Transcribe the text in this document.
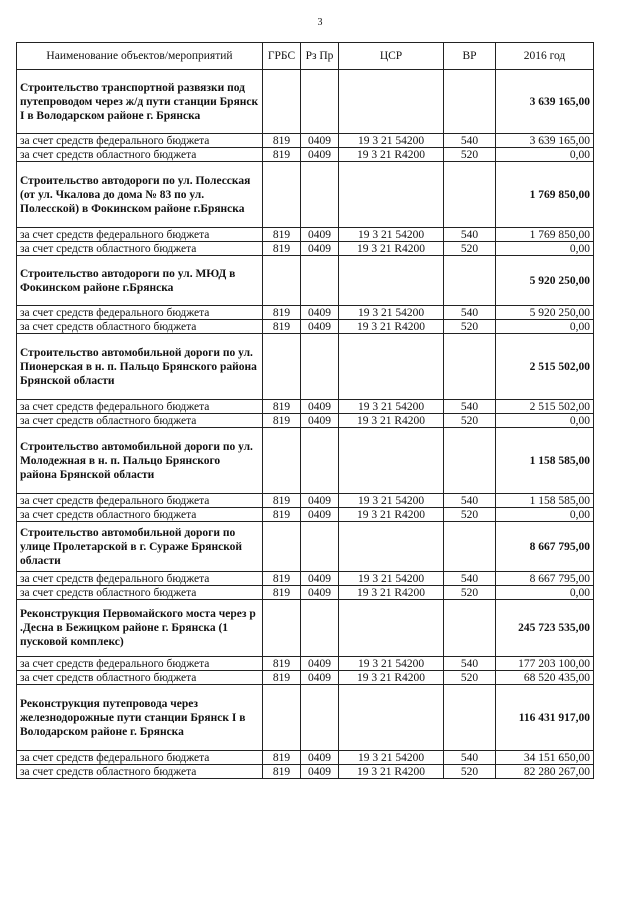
3
Наименование объектов/мероприятий	ГРБС	Рз Пр	ЦСР	ВР	2016 год
Строительство транспортной развязки под путепроводом через ж/д пути станции Брянск I в Володарском районе г. Брянска					3 639 165,00
за счет средств федерального бюджета	819	0409	19 3 21 54200	540	3 639 165,00
за счет средств областного бюджета	819	0409	19 3 21 R4200	520	0,00
Строительство автодороги по ул. Полесская (от ул. Чкалова до дома № 83 по ул. Полесской) в Фокинском районе г.Брянска					1 769 850,00
за счет средств федерального бюджета	819	0409	19 3 21 54200	540	1 769 850,00
за счет средств областного бюджета	819	0409	19 3 21 R4200	520	0,00
Строительство автодороги по ул. МЮД в Фокинском районе г.Брянска					5 920 250,00
за счет средств федерального бюджета	819	0409	19 3 21 54200	540	5 920 250,00
за счет средств областного бюджета	819	0409	19 3 21 R4200	520	0,00
Строительство автомобильной дороги по ул. Пионерская в н. п. Пальцо Брянского района Брянской области					2 515 502,00
за счет средств федерального бюджета	819	0409	19 3 21 54200	540	2 515 502,00
за счет средств областного бюджета	819	0409	19 3 21 R4200	520	0,00
Строительство автомобильной дороги по ул. Молодежная в н. п. Пальцо Брянского района Брянской области					1 158 585,00
за счет средств федерального бюджета	819	0409	19 3 21 54200	540	1 158 585,00
за счет средств областного бюджета	819	0409	19 3 21 R4200	520	0,00
Строительство автомобильной дороги по улице Пролетарской в г. Сураже Брянской области					8 667 795,00
за счет средств федерального бюджета	819	0409	19 3 21 54200	540	8 667 795,00
за счет средств областного бюджета	819	0409	19 3 21 R4200	520	0,00
Реконструкция Первомайского моста через р .Десна в Бежицком районе г. Брянска (1 пусковой комплекс)					245 723 535,00
за счет средств федерального бюджета	819	0409	19 3 21 54200	540	177 203 100,00
за счет средств областного бюджета	819	0409	19 3 21 R4200	520	68 520 435,00
Реконструкция путепровода через железнодорожные пути станции Брянск I в Володарском районе г. Брянска					116 431 917,00
за счет средств федерального бюджета	819	0409	19 3 21 54200	540	34 151 650,00
за счет средств областного бюджета	819	0409	19 3 21 R4200	520	82 280 267,00
